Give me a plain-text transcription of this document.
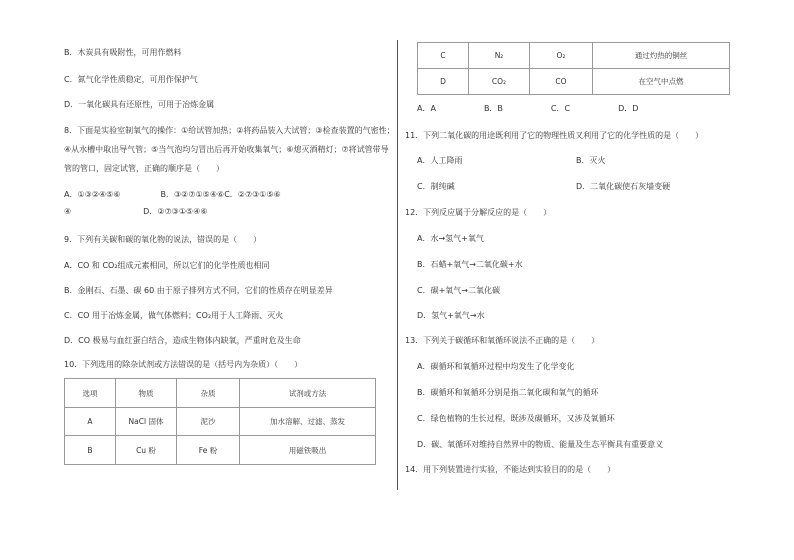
B．木炭具有吸附性，可用作燃料
C．氮气化学性质稳定，可用作保护气
D．一氧化碳具有还原性，可用于冶炼金属
8．下面是实验室制氧气的操作：①给试管加热；②将药品装入大试管；③检查装置的气密性；
④从水槽中取出导气管；⑤当气泡均匀冒出后再开始收集氧气；⑥熄灭酒精灯；⑦将试管带导
管的管口，固定试管，正确的顺序是（　　）
A．①③②④⑤⑥　　　　　B．③②⑦①⑤④⑥C．②⑦③①⑤⑥
④　　　　　　　　　D．②⑦③①⑤④⑥
9．下列有关碳和碳的氧化物的说法，错误的是（　　）
A．CO 和 CO₂组成元素相同，所以它们的化学性质也相同
B．金刚石、石墨、碳 60 由于原子排列方式不同，它们的性质存在明显差异
C．CO 用于冶炼金属，做气体燃料；CO₂用于人工降雨、灭火
D．CO 极易与血红蛋白结合，造成生物体内缺氧，严重时危及生命
10．下列选用的除杂试剂或方法错误的是（括号内为杂质）（　　）
选项	物质	杂质	试剂或方法
A	NaCl 固体	泥沙	加水溶解、过滤、蒸发
B	Cu 粉	Fe 粉	用磁铁吸出
C	N₂	O₂	通过灼热的铜丝
D	CO₂	CO	在空气中点燃
A．A　　　　　　B．B　　　　　　C．C　　　　　　D．D
11．下列二氧化碳的用途既利用了它的物理性质又利用了它的化学性质的是（　　）
A．人工降雨	B．灭火
C．制纯碱	D．二氧化碳使石灰墙变硬
12．下列反应属于分解反应的是（　　）
A．水→氢气+氧气
B．石蜡+氧气→二氧化碳+水
C．碳+氧气→二氧化碳
D．氢气+氧气→水
13．下列关于碳循环和氧循环说法不正确的是（　　）
A．碳循环和氧循环过程中均发生了化学变化
B．碳循环和氧循环分别是指二氧化碳和氧气的循环
C．绿色植物的生长过程，既涉及碳循环，又涉及氧循环
D．碳、氧循环对维持自然界中的物质、能量及生态平衡具有重要意义
14．用下列装置进行实验，不能达到实验目的的是（　　）
